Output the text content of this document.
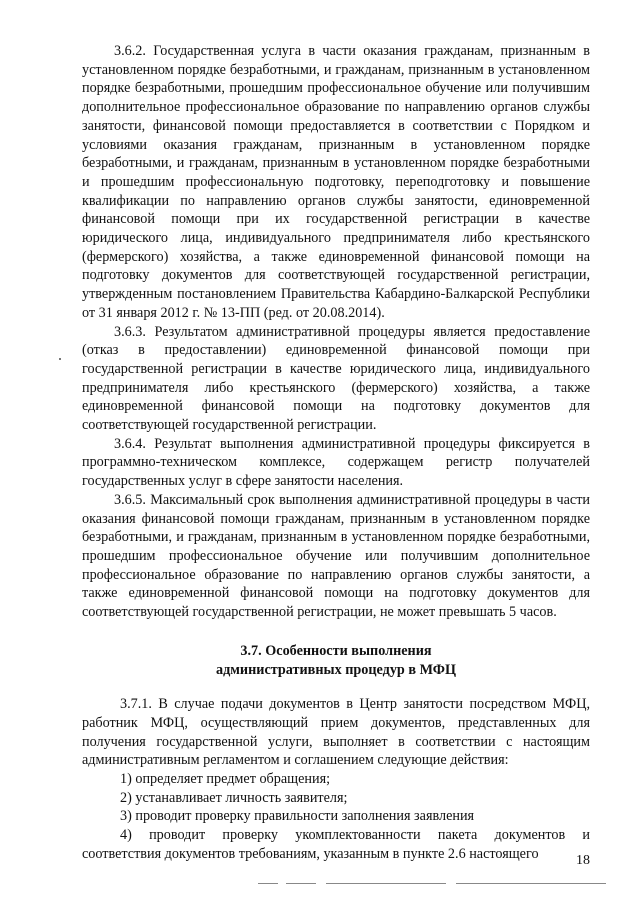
3.6.2. Государственная услуга в части оказания гражданам, признанным в установленном порядке безработными, и гражданам, признанным в установленном порядке безработными, прошедшим профессиональное обучение или получившим дополнительное профессиональное образование по направлению органов службы занятости, финансовой помощи предоставляется в соответствии с Порядком и условиями оказания гражданам, признанным в установленном порядке безработными, и гражданам, признанным в установленном порядке безработными и прошедшим профессиональную подготовку, переподготовку и повышение квалификации по направлению органов службы занятости, единовременной финансовой помощи при их государственной регистрации в качестве юридического лица, индивидуального предпринимателя либо крестьянского (фермерского) хозяйства, а также единовременной финансовой помощи на подготовку документов для соответствующей государственной регистрации, утвержденным постановлением Правительства Кабардино-Балкарской Республики от 31 января 2012 г. № 13-ПП (ред. от 20.08.2014).

3.6.3. Результатом административной процедуры является предоставление (отказ в предоставлении) единовременной финансовой помощи при государственной регистрации в качестве юридического лица, индивидуального предпринимателя либо крестьянского (фермерского) хозяйства, а также единовременной финансовой помощи на подготовку документов для соответствующей государственной регистрации.

3.6.4. Результат выполнения административной процедуры фиксируется в программно-техническом комплексе, содержащем регистр получателей государственных услуг в сфере занятости населения.

3.6.5. Максимальный срок выполнения административной процедуры в части оказания финансовой помощи гражданам, признанным в установленном порядке безработными, и гражданам, признанным в установленном порядке безработными, прошедшим профессиональное обучение или получившим дополнительное профессиональное образование по направлению органов службы занятости, а также единовременной финансовой помощи на подготовку документов для соответствующей государственной регистрации, не может превышать 5 часов.

3.7. Особенности выполнения
административных процедур в МФЦ

3.7.1. В случае подачи документов в Центр занятости посредством МФЦ, работник МФЦ, осуществляющий прием документов, представленных для получения государственной услуги, выполняет в соответствии с настоящим административным регламентом и соглашением следующие действия:

1) определяет предмет обращения;

2) устанавливает личность заявителя;

3) проводит проверку правильности заполнения заявления

4) проводит проверку укомплектованности пакета документов и соответствия документов требованиям, указанным в пункте 2.6 настоящего	18
